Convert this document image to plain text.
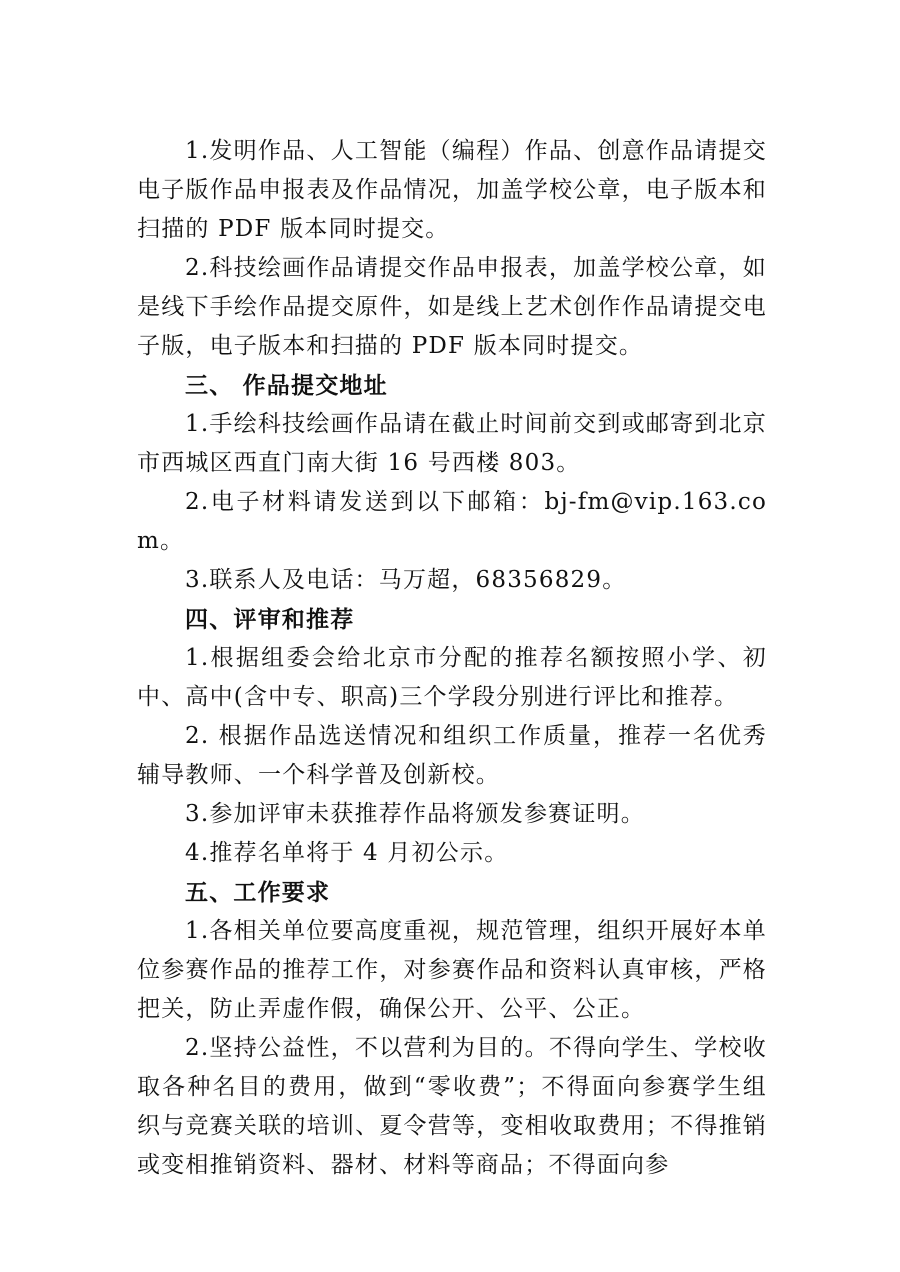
1.发明作品、人工智能（编程）作品、创意作品请提交电子版作品申报表及作品情况，加盖学校公章，电子版本和扫描的 PDF 版本同时提交。

2.科技绘画作品请提交作品申报表，加盖学校公章，如是线下手绘作品提交原件，如是线上艺术创作作品请提交电子版，电子版本和扫描的 PDF 版本同时提交。

三、 作品提交地址

1.手绘科技绘画作品请在截止时间前交到或邮寄到北京市西城区西直门南大街 16 号西楼 803。

2.电子材料请发送到以下邮箱：bj-fm@vip.163.com。

3.联系人及电话：马万超，68356829。

四、评审和推荐

1.根据组委会给北京市分配的推荐名额按照小学、初中、高中(含中专、职高)三个学段分别进行评比和推荐。

2. 根据作品选送情况和组织工作质量，推荐一名优秀辅导教师、一个科学普及创新校。

3.参加评审未获推荐作品将颁发参赛证明。

4.推荐名单将于 4 月初公示。

五、工作要求

1.各相关单位要高度重视，规范管理，组织开展好本单位参赛作品的推荐工作，对参赛作品和资料认真审核，严格把关，防止弄虚作假，确保公开、公平、公正。

2.坚持公益性，不以营利为目的。不得向学生、学校收取各种名目的费用，做到“零收费”；不得面向参赛学生组织与竞赛关联的培训、夏令营等，变相收取费用；不得推销或变相推销资料、器材、材料等商品；不得面向参
